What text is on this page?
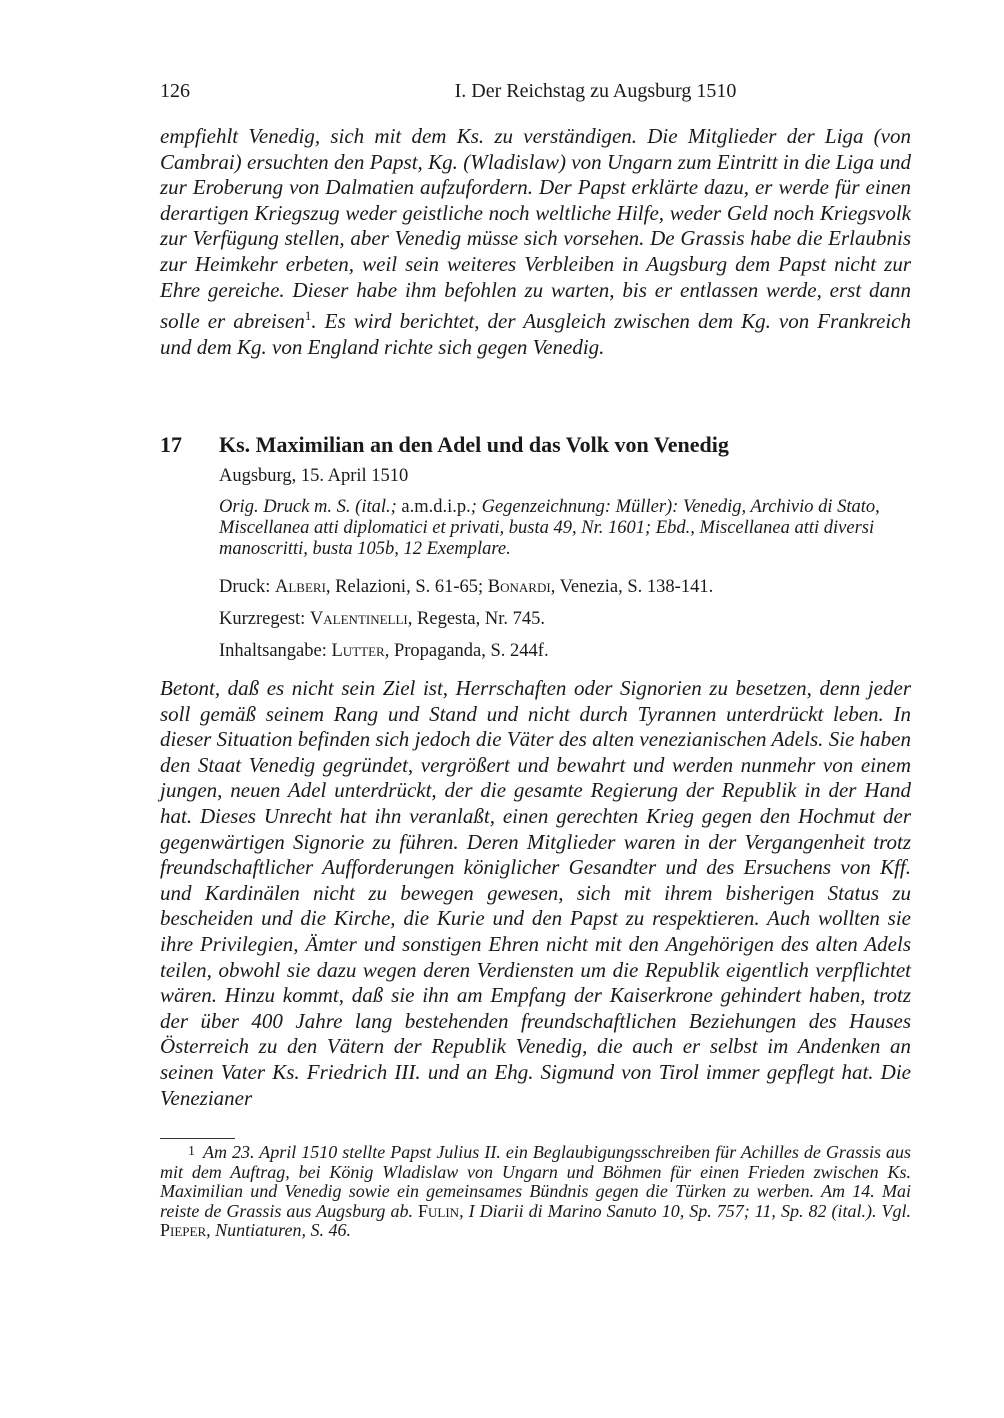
126	I. Der Reichstag zu Augsburg 1510

empfiehlt Venedig, sich mit dem Ks. zu verständigen. Die Mitglieder der Liga (von Cambrai) ersuchten den Papst, Kg. (Wladislaw) von Ungarn zum Eintritt in die Liga und zur Eroberung von Dalmatien aufzufordern. Der Papst erklärte dazu, er werde für einen derartigen Kriegszug weder geistliche noch weltliche Hilfe, weder Geld noch Kriegsvolk zur Verfügung stellen, aber Venedig müsse sich vorsehen. De Grassis habe die Erlaubnis zur Heimkehr erbeten, weil sein weiteres Verbleiben in Augsburg dem Papst nicht zur Ehre gereiche. Dieser habe ihm befohlen zu warten, bis er entlassen werde, erst dann solle er abreisen$^1$. Es wird berichtet, der Ausgleich zwischen dem Kg. von Frankreich und dem Kg. von England richte sich gegen Venedig.

17 Ks. Maximilian an den Adel und das Volk von Venedig
Augsburg, 15. April 1510
Orig. Druck m. S. (ital.; a.m.d.i.p.; Gegenzeichnung: Müller): Venedig, Archivio di Stato, Miscellanea atti diplomatici et privati, busta 49, Nr. 1601; Ebd., Miscellanea atti diversi manoscritti, busta 105b, 12 Exemplare.
Druck: Alberi, Relazioni, S. 61-65; Bonardi, Venezia, S. 138-141.
Kurzregest: Valentinelli, Regesta, Nr. 745.
Inhaltsangabe: Lutter, Propaganda, S. 244f.

Betont, daß es nicht sein Ziel ist, Herrschaften oder Signorien zu besetzen, denn jeder soll gemäß seinem Rang und Stand und nicht durch Tyrannen unterdrückt leben. In dieser Situation befinden sich jedoch die Väter des alten venezianischen Adels. Sie haben den Staat Venedig gegründet, vergrößert und bewahrt und werden nunmehr von einem jungen, neuen Adel unterdrückt, der die gesamte Regierung der Republik in der Hand hat. Dieses Unrecht hat ihn veranlaßt, einen gerechten Krieg gegen den Hochmut der gegenwärtigen Signorie zu führen. Deren Mitglieder waren in der Vergangenheit trotz freundschaftlicher Aufforderungen königlicher Gesandter und des Ersuchens von Kff. und Kardinälen nicht zu bewegen gewesen, sich mit ihrem bisherigen Status zu bescheiden und die Kirche, die Kurie und den Papst zu respektieren. Auch wollten sie ihre Privilegien, Ämter und sonstigen Ehren nicht mit den Angehörigen des alten Adels teilen, obwohl sie dazu wegen deren Verdiensten um die Republik eigentlich verpflichtet wären. Hinzu kommt, daß sie ihn am Empfang der Kaiserkrone gehindert haben, trotz der über 400 Jahre lang bestehenden freundschaftlichen Beziehungen des Hauses Österreich zu den Vätern der Republik Venedig, die auch er selbst im Andenken an seinen Vater Ks. Friedrich III. und an Ehg. Sigmund von Tirol immer gepflegt hat. Die Venezianer

1 Am 23. April 1510 stellte Papst Julius II. ein Beglaubigungsschreiben für Achilles de Grassis aus mit dem Auftrag, bei König Wladislaw von Ungarn und Böhmen für einen Frieden zwischen Ks. Maximilian und Venedig sowie ein gemeinsames Bündnis gegen die Türken zu werben. Am 14. Mai reiste de Grassis aus Augsburg ab. Fulin, I Diarii di Marino Sanuto 10, Sp. 757; 11, Sp. 82 (ital.). Vgl. Pieper, Nuntiaturen, S. 46.
